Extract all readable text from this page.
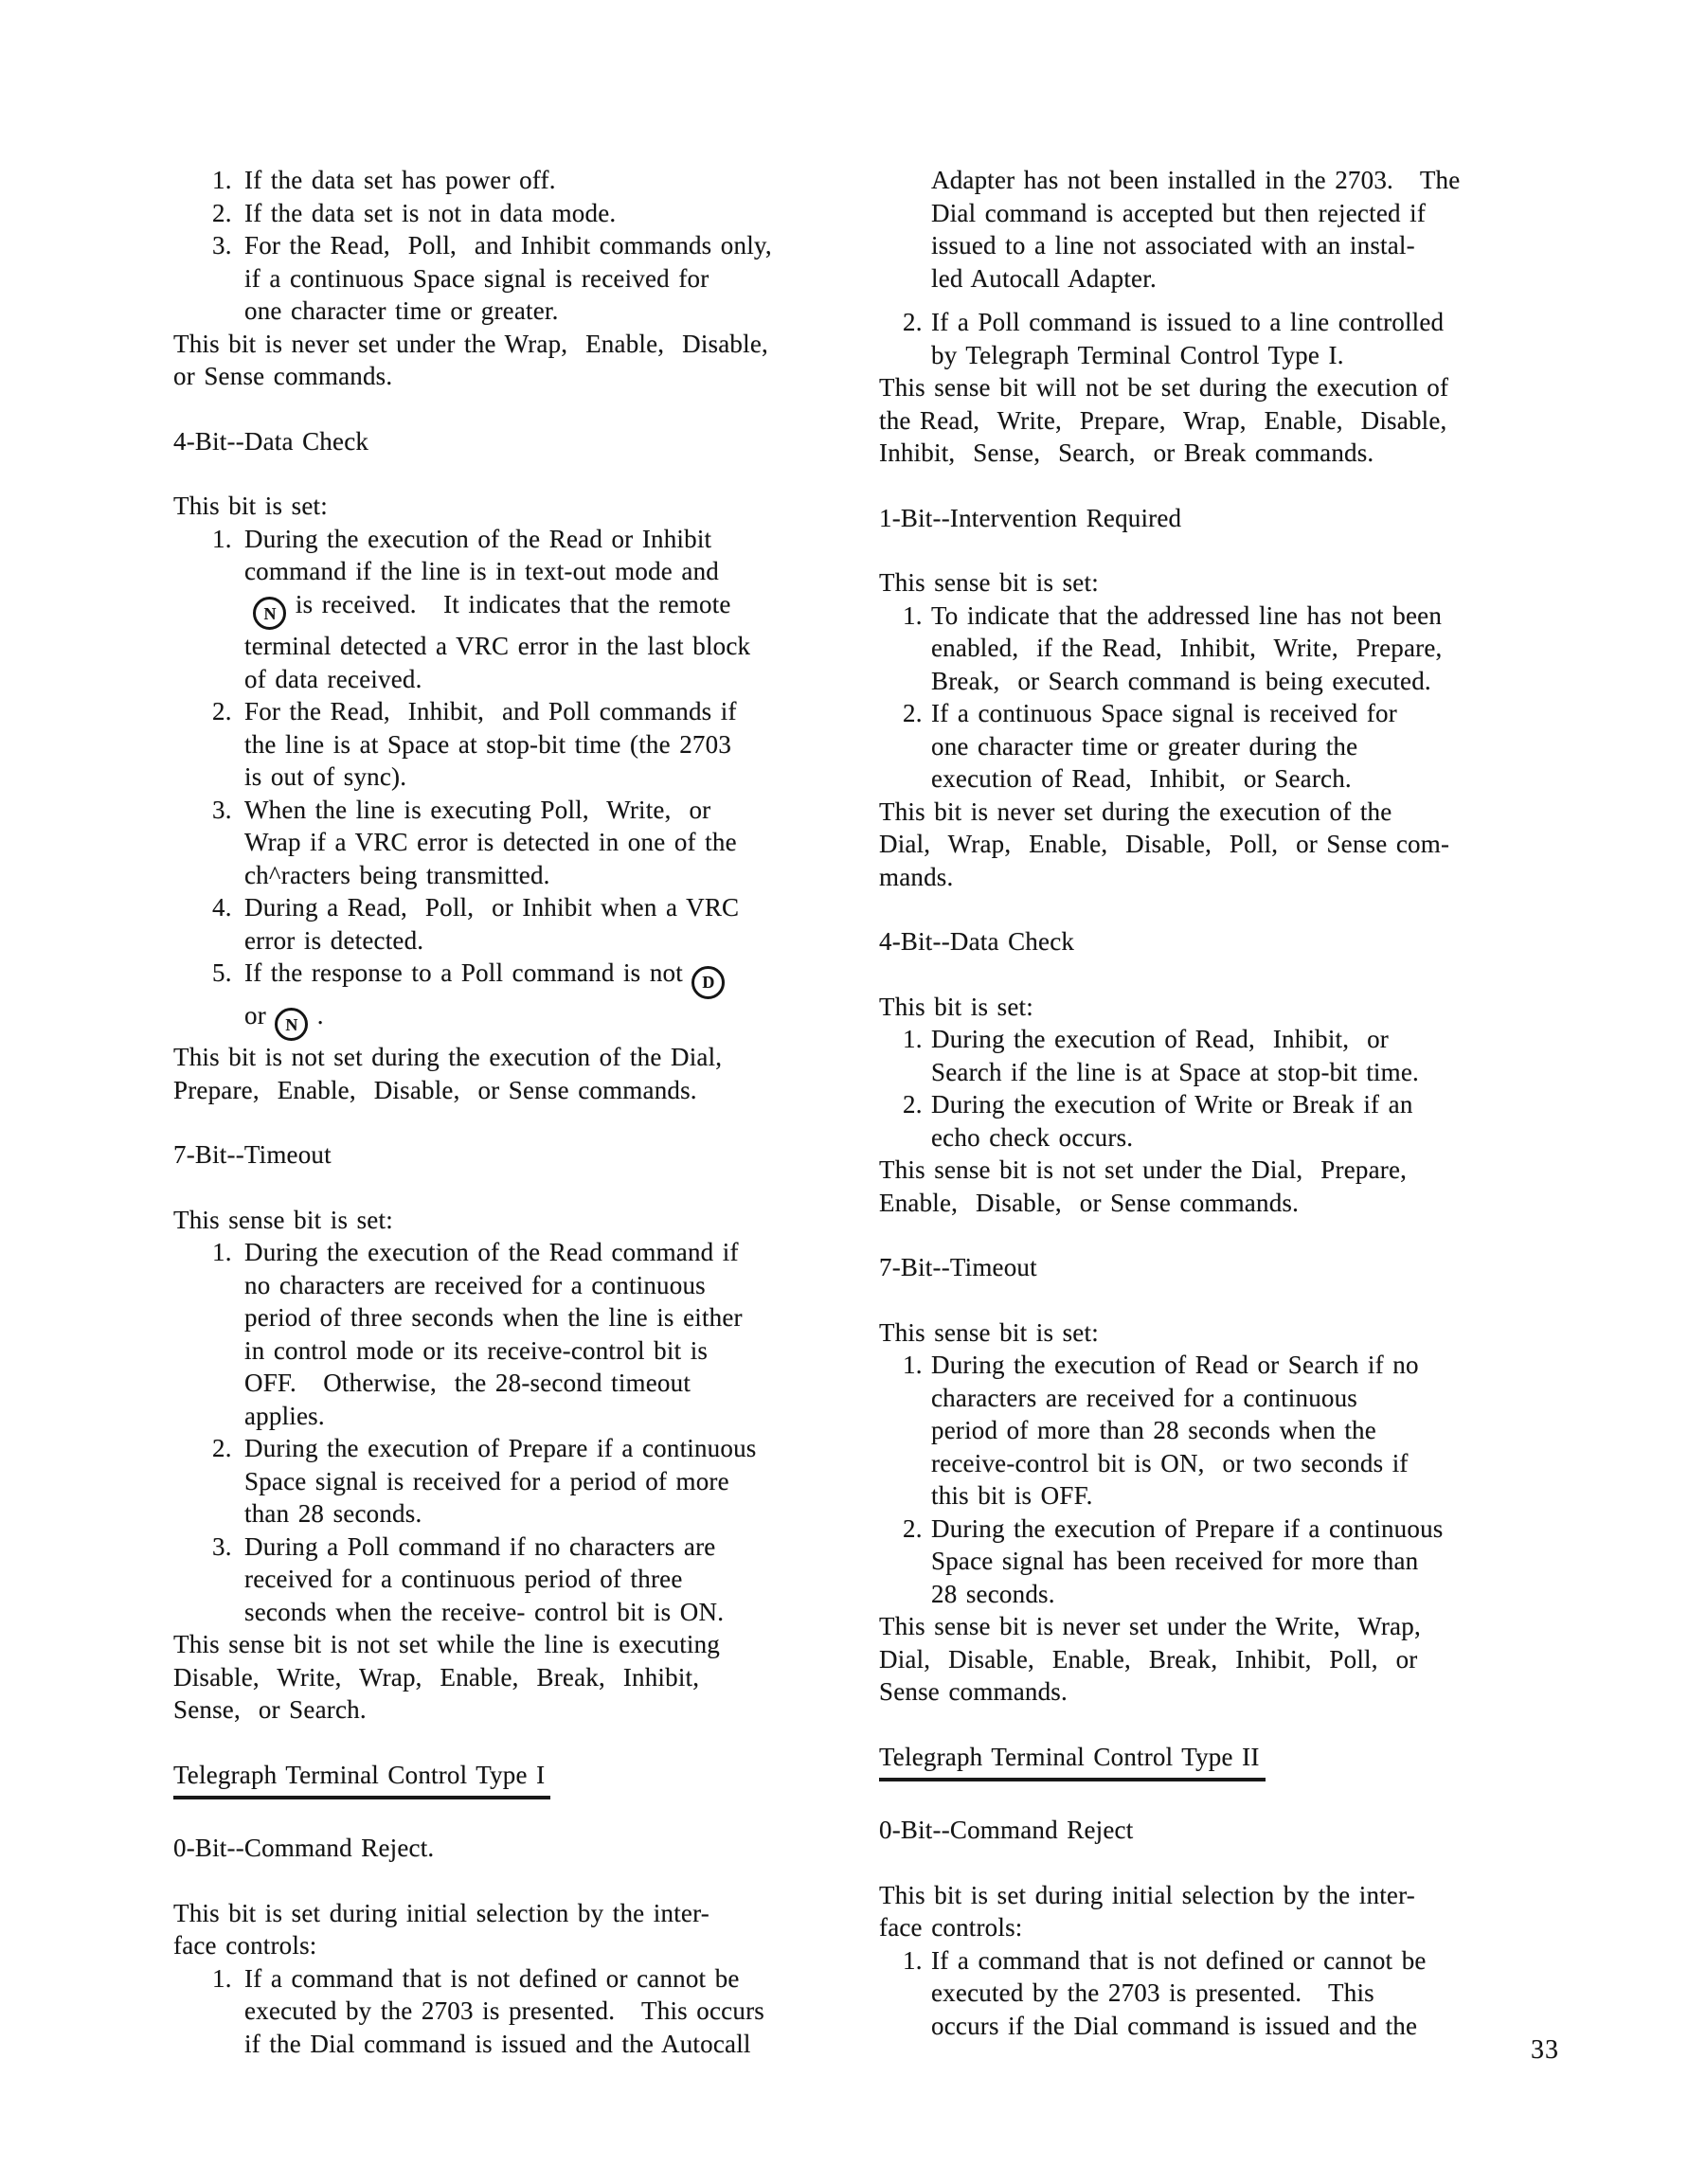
1. If the data set has power off.
2. If the data set is not in data mode.
3. For the Read,  Poll,  and Inhibit commands only,
if a continuous Space signal is received for
one character time or greater.
This bit is never set under the Wrap,  Enable,  Disable,
or Sense commands.
4-Bit--Data Check
This bit is set:
1. During the execution of the Read or Inhibit
command if the line is in text-out mode and
N is received.   It indicates that the remote
terminal detected a VRC error in the last block
of data received.
2. For the Read,  Inhibit,  and Poll commands if
the line is at Space at stop-bit time (the 2703
is out of sync).
3. When the line is executing Poll,  Write,  or
Wrap if a VRC error is detected in one of the
ch^racters being transmitted.
4. During a Read,  Poll,  or Inhibit when a VRC
error is detected.
5. If the response to a Poll command is not D
or N .
This bit is not set during the execution of the Dial,
Prepare,  Enable,  Disable,  or Sense commands.
7-Bit--Timeout
This sense bit is set:
1. During the execution of the Read command if
no characters are received for a continuous
period of three seconds when the line is either
in control mode or its receive-control bit is
OFF.   Otherwise,  the 28-second timeout
applies.
2. During the execution of Prepare if a continuous
Space signal is received for a period of more
than 28 seconds.
3. During a Poll command if no characters are
received for a continuous period of three
seconds when the receive- control bit is ON.
This sense bit is not set while the line is executing
Disable,  Write,  Wrap,  Enable,  Break,  Inhibit,
Sense,  or Search.
Telegraph Terminal Control Type I
0-Bit--Command Reject.
This bit is set during initial selection by the inter-
face controls:
1. If a command that is not defined or cannot be
executed by the 2703 is presented.   This occurs
if the Dial command is issued and the Autocall
Adapter has not been installed in the 2703.   The
Dial command is accepted but then rejected if
issued to a line not associated with an instal-
led Autocall Adapter.
2. If a Poll command is issued to a line controlled
by Telegraph Terminal Control Type I.
This sense bit will not be set during the execution of
the Read,  Write,  Prepare,  Wrap,  Enable,  Disable,
Inhibit,  Sense,  Search,  or Break commands.
1-Bit--Intervention Required
This sense bit is set:
1. To indicate that the addressed line has not been
enabled,  if the Read,  Inhibit,  Write,  Prepare,
Break,  or Search command is being executed.
2. If a continuous Space signal is received for
one character time or greater during the
execution of Read,  Inhibit,  or Search.
This bit is never set during the execution of the
Dial,  Wrap,  Enable,  Disable,  Poll,  or Sense com-
mands.
4-Bit--Data Check
This bit is set:
1. During the execution of Read,  Inhibit,  or
Search if the line is at Space at stop-bit time.
2. During the execution of Write or Break if an
echo check occurs.
This sense bit is not set under the Dial,  Prepare,
Enable,  Disable,  or Sense commands.
7-Bit--Timeout
This sense bit is set:
1. During the execution of Read or Search if no
characters are received for a continuous
period of more than 28 seconds when the
receive-control bit is ON,  or two seconds if
this bit is OFF.
2. During the execution of Prepare if a continuous
Space signal has been received for more than
28 seconds.
This sense bit is never set under the Write,  Wrap,
Dial,  Disable,  Enable,  Break,  Inhibit,  Poll,  or
Sense commands.
Telegraph Terminal Control Type II
0-Bit--Command Reject
This bit is set during initial selection by the inter-
face controls:
1. If a command that is not defined or cannot be
executed by the 2703 is presented.   This
occurs if the Dial command is issued and the
33
